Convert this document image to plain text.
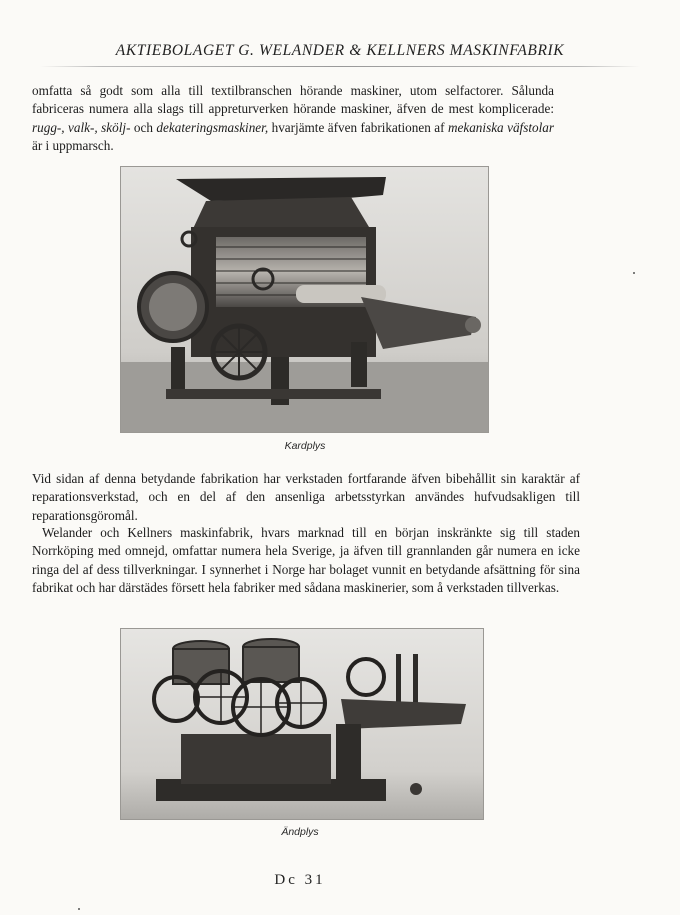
AKTIEBOLAGET G. WELANDER & KELLNERS MASKINFABRIK

omfatta så godt som alla till textilbranschen hörande maskiner, utom selfactorer. Sålunda fabriceras numera alla slags till appreturverken hörande maskiner, äfven de mest komplicerade: rugg-, valk-, skölj- och dekateringsmaskiner, hvarjämte äfven fabrikationen af mekaniska väfstolar är i uppmarsch.

Kardplys

Vid sidan af denna betydande fabrikation har verkstaden fortfarande äfven bibehållit sin karaktär af reparationsverkstad, och en del af den ansenliga arbetsstyrkan användes hufvudsakligen till reparationsgöromål.

Welander och Kellners maskinfabrik, hvars marknad till en början inskränkte sig till staden Norrköping med omnejd, omfattar numera hela Sverige, ja äfven till grannlanden går numera en icke ringa del af dess tillverkningar. I synnerhet i Norge har bolaget vunnit en betydande afsättning för sina fabrikat och har därstädes försett hela fabriker med sådana maskinerier, som å verkstaden tillverkas.

Ändplys
Dc 31
